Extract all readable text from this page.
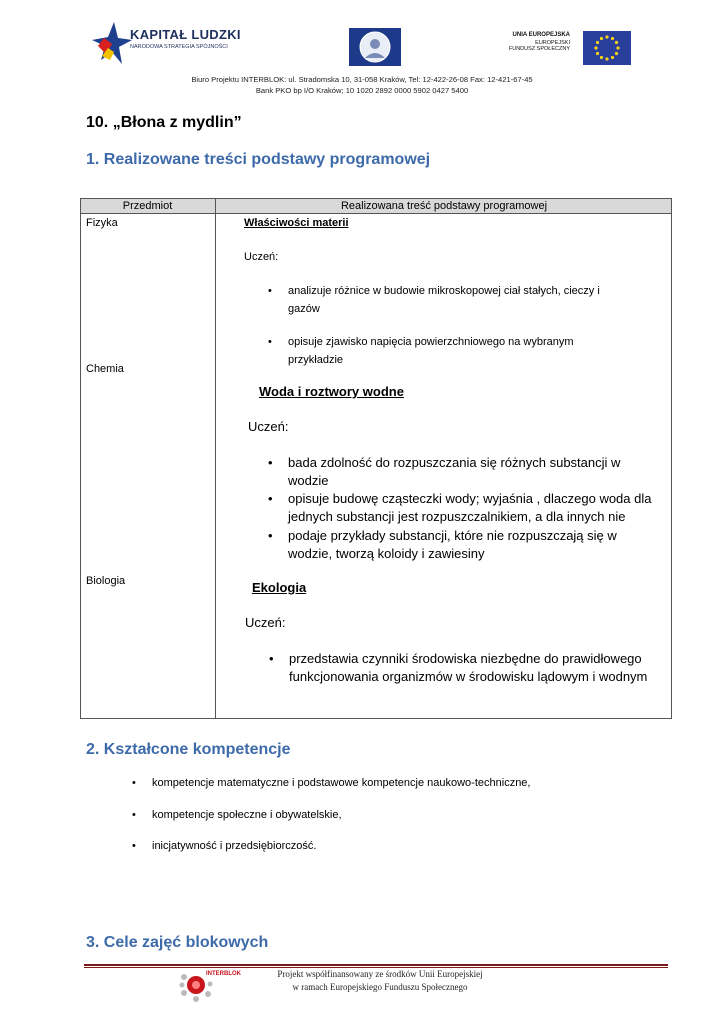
KAPITAŁ LUDZKI
NARODOWA STRATEGIA SPÓJNOŚCI
UNIA EUROPEJSKA
EUROPEJSKI
FUNDUSZ SPOŁECZNY
Biuro Projektu INTERBLOK: ul. Stradomska 10, 31-058 Kraków, Tel: 12-422-26-08 Fax: 12-421-67-45
Bank PKO bp I/O Kraków; 10 1020 2892 0000 5902 0427 5400
10. „Błona z mydlin”
1. Realizowane treści podstawy programowej
Przedmiot	Realizowana treść podstawy programowej
Fizyka
Chemia
Biologia
Właściwości materii
Uczeń:
• analizuje różnice w budowie mikroskopowej ciał stałych, cieczy i
gazów
• opisuje zjawisko napięcia powierzchniowego na wybranym
przykładzie
Woda i roztwory wodne
Uczeń:
• bada zdolność do rozpuszczania się różnych substancji w
wodzie
• opisuje budowę cząsteczki wody; wyjaśnia , dlaczego woda dla
jednych substancji jest rozpuszczalnikiem, a dla innych nie
• podaje przykłady substancji, które nie rozpuszczają się w
wodzie, tworzą koloidy i zawiesiny
Ekologia
Uczeń:
• przedstawia czynniki środowiska niezbędne do prawidłowego
funkcjonowania organizmów w środowisku lądowym i wodnym
2. Kształcone kompetencje
• kompetencje matematyczne i podstawowe kompetencje naukowo-techniczne,
• kompetencje społeczne i obywatelskie,
• inicjatywność i przedsiębiorczość.
3. Cele zajęć blokowych
INTERBLOK	Projekt współfinansowany ze środków Unii Europejskiej
w ramach Europejskiego Funduszu Społecznego
